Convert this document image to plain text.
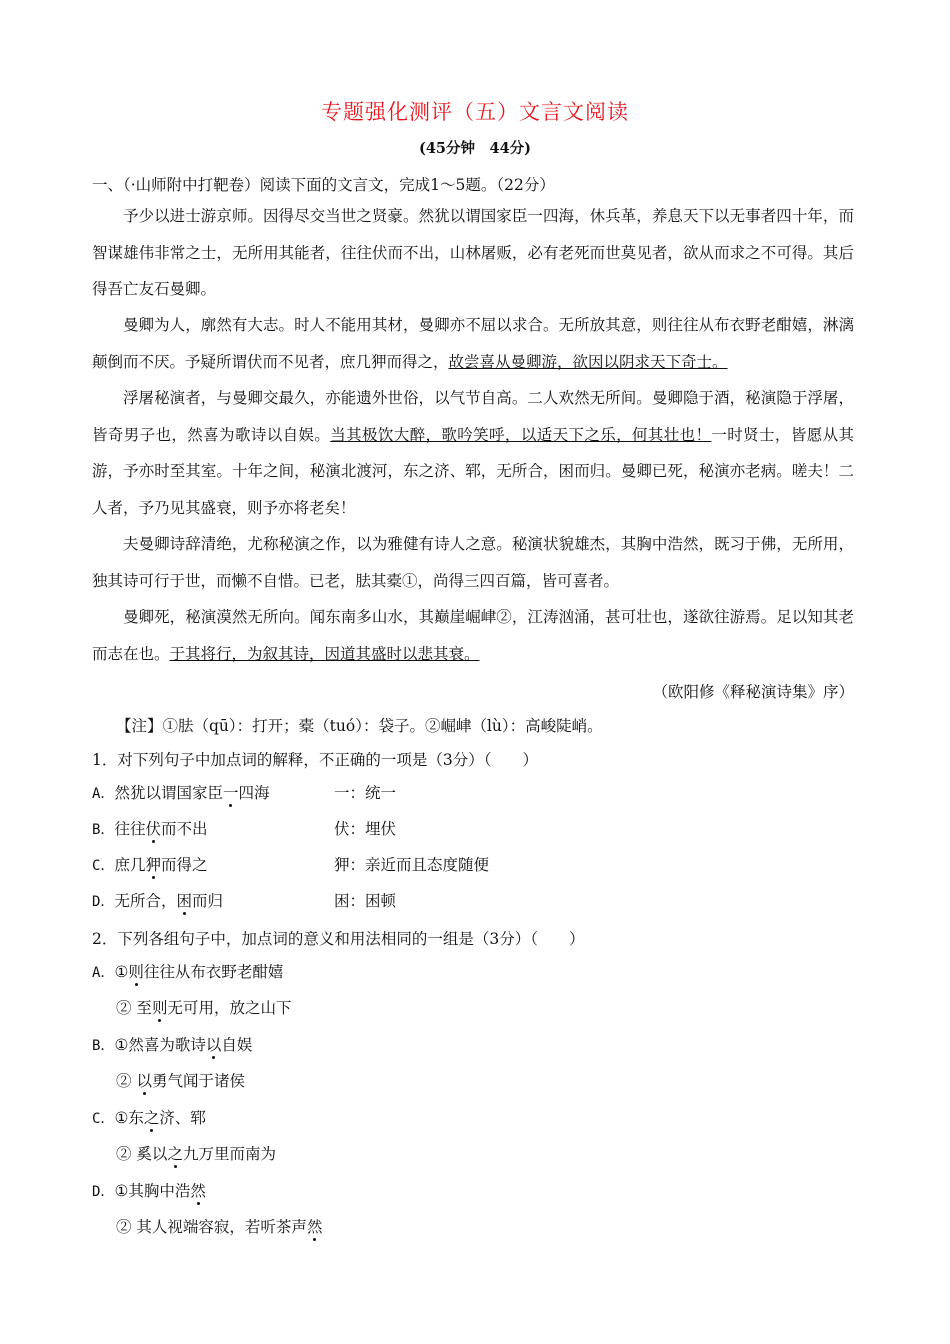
专题强化测评（五）文言文阅读
(45分钟　44分)
一、（·山师附中打靶卷）阅读下面的文言文，完成1～5题。（22分）
予少以进士游京师。因得尽交当世之贤豪。然犹以谓国家臣一四海，休兵革，养息天下以无事者四十年，而智谋雄伟非常之士，无所用其能者，往往伏而不出，山林屠贩，必有老死而世莫见者，欲从而求之不可得。其后得吾亡友石曼卿。
曼卿为人，廓然有大志。时人不能用其材，曼卿亦不屈以求合。无所放其意，则往往从布衣野老酣嬉，淋漓颠倒而不厌。予疑所谓伏而不见者，庶几狎而得之，故尝喜从曼卿游，欲因以阴求天下奇士。
浮屠秘演者，与曼卿交最久，亦能遗外世俗，以气节自高。二人欢然无所间。曼卿隐于酒，秘演隐于浮屠，皆奇男子也，然喜为歌诗以自娱。当其极饮大醉，歌吟笑呼，以适天下之乐，何其壮也！一时贤士，皆愿从其游，予亦时至其室。十年之间，秘演北渡河，东之济、郓，无所合，困而归。曼卿已死，秘演亦老病。嗟夫！二人者，予乃见其盛衰，则予亦将老矣！
夫曼卿诗辞清绝，尤称秘演之作，以为雅健有诗人之意。秘演状貌雄杰，其胸中浩然，既习于佛，无所用，独其诗可行于世，而懒不自惜。已老，胠其橐①，尚得三四百篇，皆可喜者。
曼卿死，秘演漠然无所向。闻东南多山水，其巅崖崛峍②，江涛汹涌，甚可壮也，遂欲往游焉。足以知其老而志在也。于其将行，为叙其诗，因道其盛时以悲其衰。
（欧阳修《释秘演诗集》序）
【注】①胠（qū）：打开；橐（tuó）：袋子。②崛峍（lù）：高峻陡峭。
1．对下列句子中加点词的解释，不正确的一项是（3分）（　　）
A．然犹以谓国家臣一四海	一：统一
B．往往伏而不出	伏：埋伏
C．庶几狎而得之	狎：亲近而且态度随便
D．无所合，困而归	困：困顿
2．下列各组句子中，加点词的意义和用法相同的一组是（3分）（　　）
A．①则往往从布衣野老酣嬉
② 至则无可用，放之山下
B．①然喜为歌诗以自娱
② 以勇气闻于诸侯
C．①东之济、郓
② 奚以之九万里而南为
D．①其胸中浩然
② 其人视端容寂，若听茶声然
